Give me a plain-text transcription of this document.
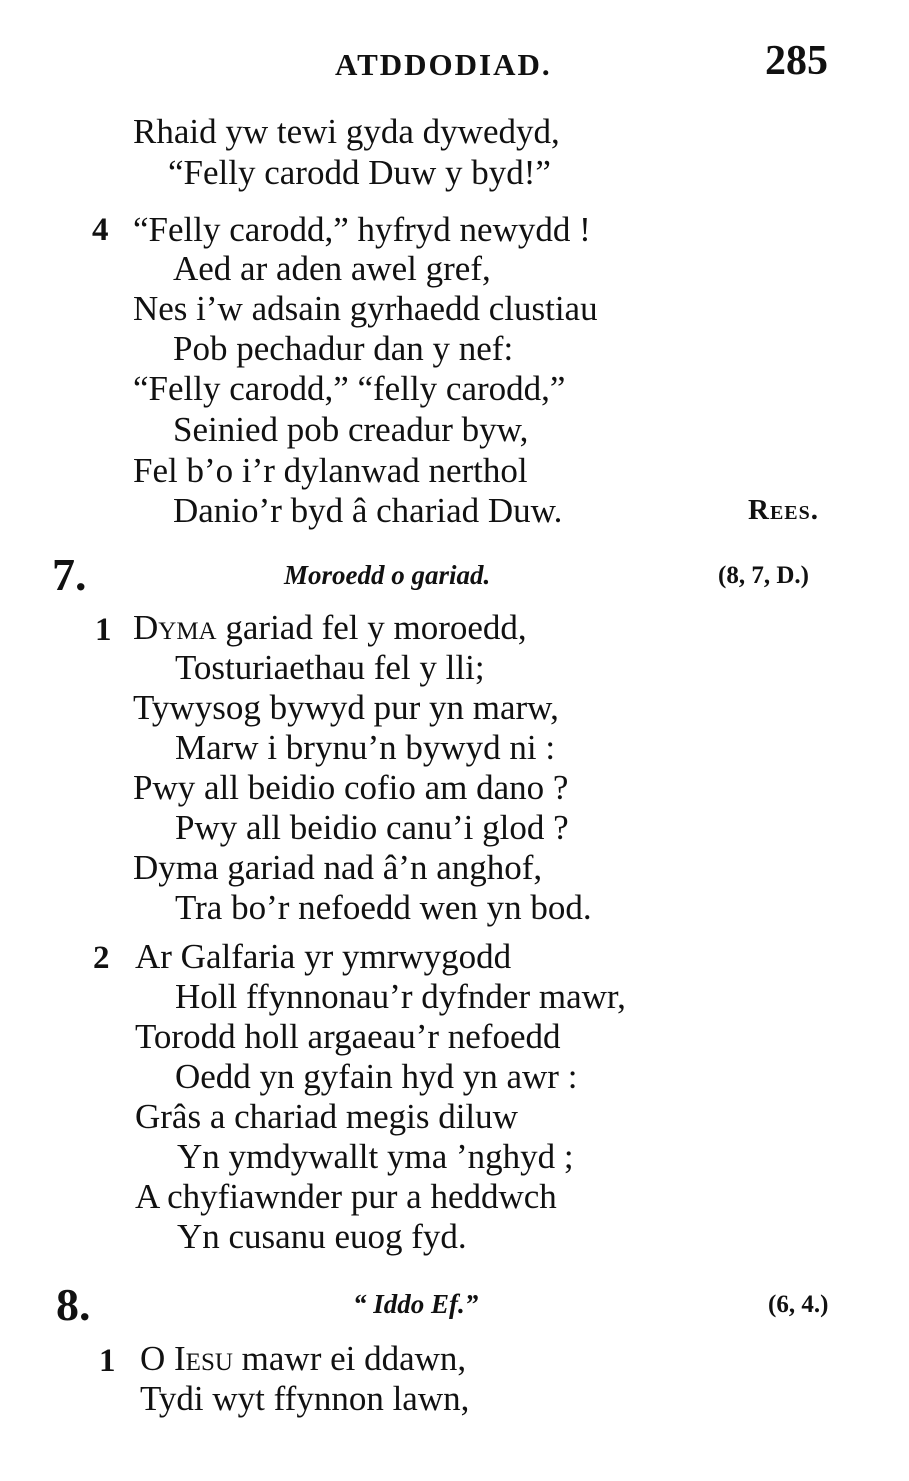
ATDDODIAD.	285
Rhaid yw tewi gyda dywedyd,
“Felly carodd Duw y byd!”
4 “Felly carodd,” hyfryd newydd !
Aed ar aden awel gref,
Nes i’w adsain gyrhaedd clustiau
Pob pechadur dan y nef:
“Felly carodd,” “felly carodd,”
Seinied pob creadur byw,
Fel b’o i’r dylanwad nerthol
Danio’r byd â chariad Duw.	Rees.
7.	Moroedd o gariad.	(8, 7, D.)
1 Dyma gariad fel y moroedd,
Tosturiaethau fel y lli;
Tywysog bywyd pur yn marw,
Marw i brynu’n bywyd ni :
Pwy all beidio cofio am dano ?
Pwy all beidio canu’i glod ?
Dyma gariad nad â’n anghof,
Tra bo’r nefoedd wen yn bod.
2 Ar Galfaria yr ymrwygodd
Holl ffynnonau’r dyfnder mawr,
Torodd holl argaeau’r nefoedd
Oedd yn gyfain hyd yn awr :
Grâs a chariad megis diluw
Yn ymdywallt yma ’nghyd ;
A chyfiawnder pur a heddwch
Yn cusanu euog fyd.
8.	“ Iddo Ef.”	(6, 4.)
1 O Iesu mawr ei ddawn,
Tydi wyt ffynnon lawn,
